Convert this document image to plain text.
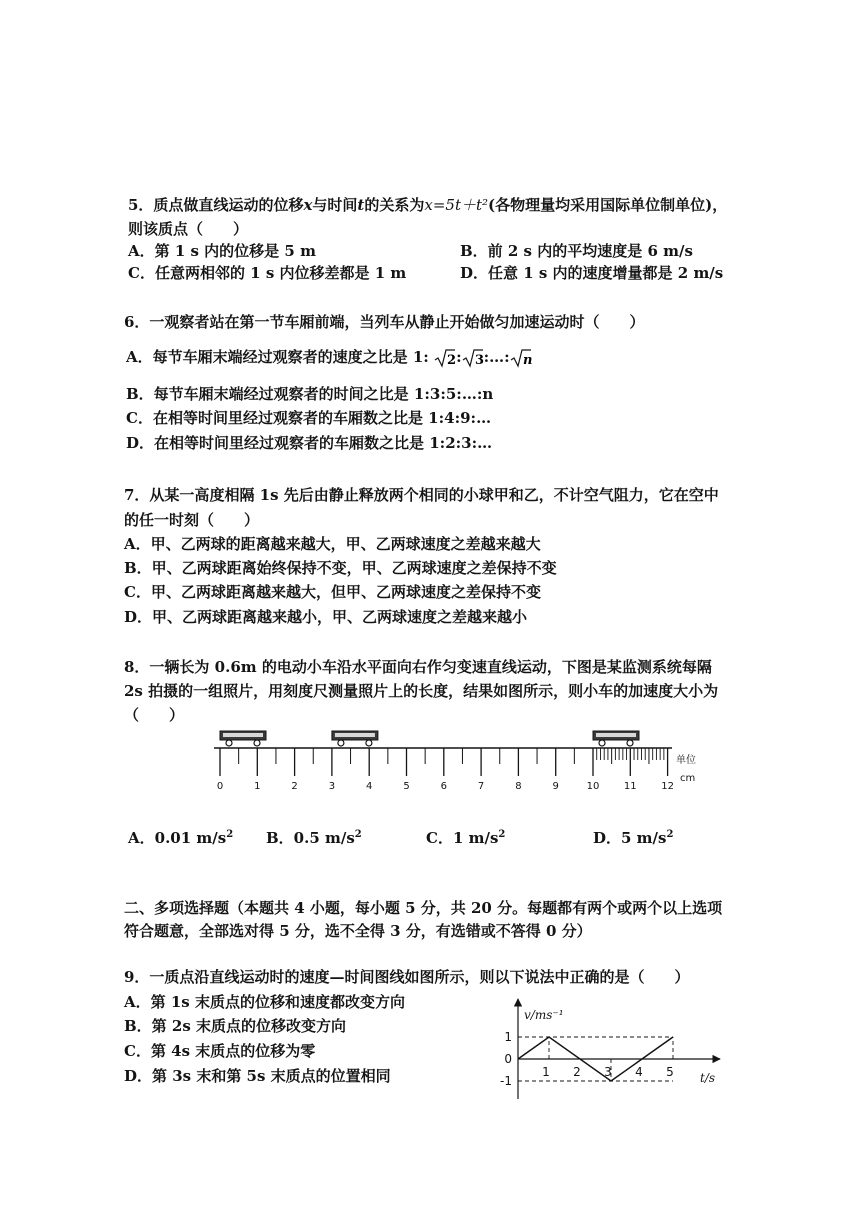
5．质点做直线运动的位移x与时间t的关系为x=5t＋t²(各物理量均采用国际单位制单位)，
则该质点（　　）
A．第 1 s 内的位移是 5 m	B．前 2 s 内的平均速度是 6 m/s
C．任意两相邻的 1 s 内位移差都是 1 m	D．任意 1 s 内的速度增量都是 2 m/s
6．一观察者站在第一节车厢前端，当列车从静止开始做匀加速运动时（　　）
A．每节车厢末端经过观察者的速度之比是 1: 2 : 3 :…: n
B．每节车厢末端经过观察者的时间之比是 1:3:5:…:n
C．在相等时间里经过观察者的车厢数之比是 1:4:9:…
D．在相等时间里经过观察者的车厢数之比是 1:2:3:…
7．从某一高度相隔 1s 先后由静止释放两个相同的小球甲和乙，不计空气阻力，它在空中
的任一时刻（　　）
A．甲、乙两球的距离越来越大，甲、乙两球速度之差越来越大
B．甲、乙两球距离始终保持不变，甲、乙两球速度之差保持不变
C．甲、乙两球距离越来越大，但甲、乙两球速度之差保持不变
D．甲、乙两球距离越来越小，甲、乙两球速度之差越来越小
8．一辆长为 0.6m 的电动小车沿水平面向右作匀变速直线运动，下图是某监测系统每隔
2s 拍摄的一组照片，用刻度尺测量照片上的长度，结果如图所示，则小车的加速度大小为
（　　）
0	1	2	3	4	5	6	7	8	9	10 11 12
单位
cm
A．0.01 $m/s^2$ B．0.5 $m/s^2$	C．1 $m/s^2$	D．5 $m/s^2$
二、多项选择题（本题共 4 小题，每小题 5 分，共 20 分。每题都有两个或两个以上选项
符合题意，全部选对得 5 分，选不全得 3 分，有选错或不答得 0 分）
9．一质点沿直线运动时的速度—时间图线如图所示，则以下说法中正确的是（　　）
A．第 1s 末质点的位移和速度都改变方向
B．第 2s 末质点的位移改变方向
C．第 4s 末质点的位移为零
D．第 3s 末和第 5s 末质点的位置相同
v/ms⁻¹
t/s
1 2 3 4 5
1
0
-1
